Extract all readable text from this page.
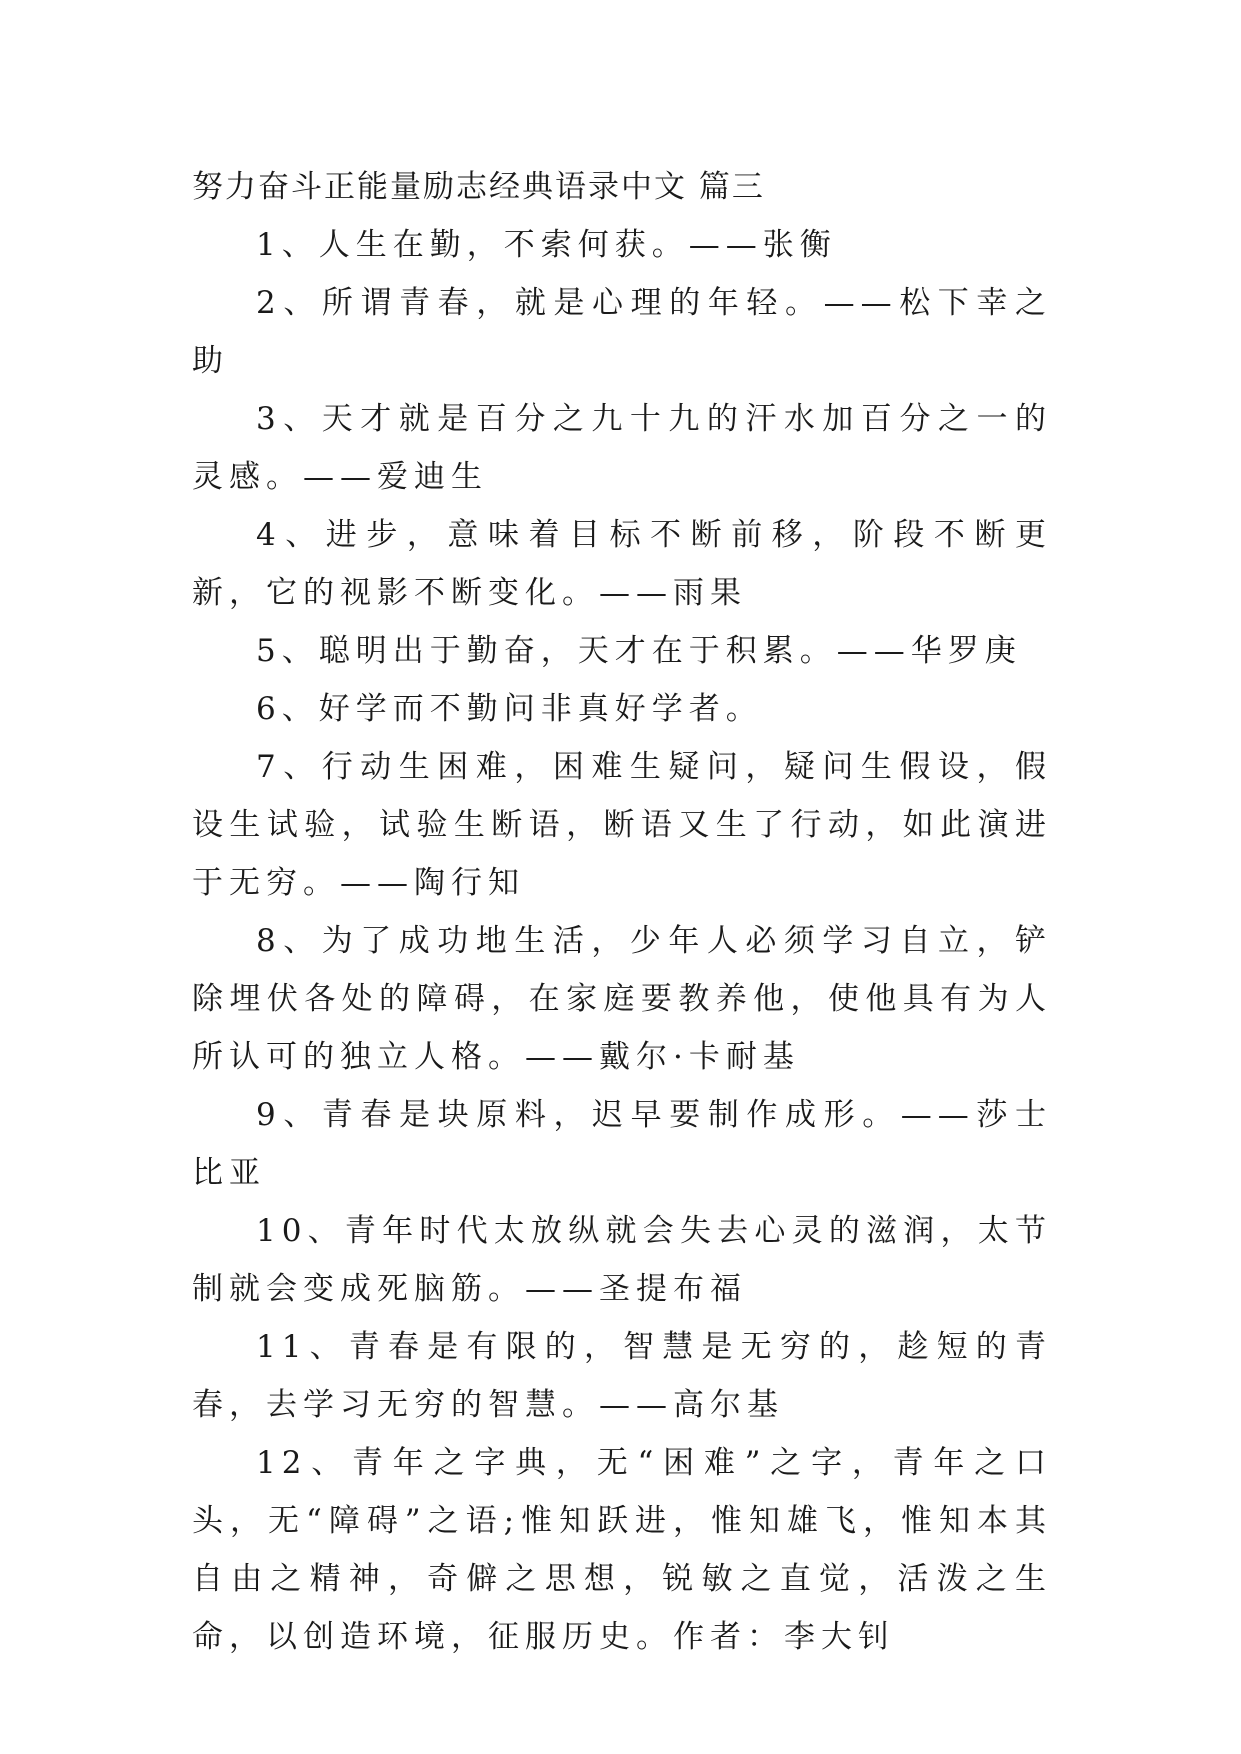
努力奋斗正能量励志经典语录中文 篇三

1、人生在勤，不索何获。——张衡

2、所谓青春，就是心理的年轻。——松下幸之助

3、天才就是百分之九十九的汗水加百分之一的灵感。——爱迪生

4、进步，意味着目标不断前移，阶段不断更新，它的视影不断变化。——雨果

5、聪明出于勤奋，天才在于积累。——华罗庚

6、好学而不勤问非真好学者。

7、行动生困难，困难生疑问，疑问生假设，假设生试验，试验生断语，断语又生了行动，如此演进于无穷。——陶行知

8、为了成功地生活，少年人必须学习自立，铲除埋伏各处的障碍，在家庭要教养他，使他具有为人所认可的独立人格。——戴尔·卡耐基

9、青春是块原料，迟早要制作成形。——莎士比亚

10、青年时代太放纵就会失去心灵的滋润，太节制就会变成死脑筋。——圣提布福

11、青春是有限的，智慧是无穷的，趁短的青春，去学习无穷的智慧。——高尔基

12、青年之字典，无“困难”之字，青年之口头，无“障碍”之语;惟知跃进，惟知雄飞，惟知本其自由之精神，奇僻之思想，锐敏之直觉，活泼之生命，以创造环境，征服历史。作者：李大钊
